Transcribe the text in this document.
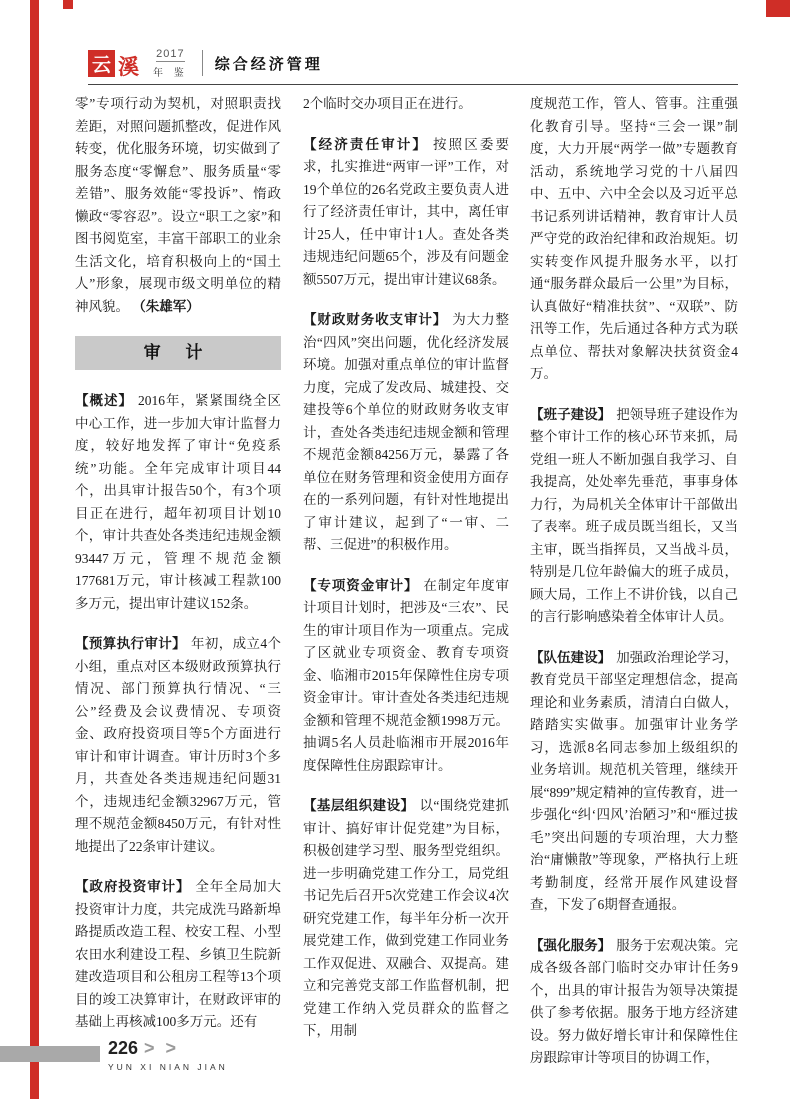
云 溪
2017
年 鉴
综合经济管理

零”专项行动为契机，对照职责找差距，对照问题抓整改，促进作风转变，优化服务环境，切实做到了服务态度“零懈怠”、服务质量“零差错”、服务效能“零投诉”、惰政懒政“零容忍”。设立“职工之家”和图书阅览室，丰富干部职工的业余生活文化，培育积极向上的“国土人”形象，展现市级文明单位的精神风貌。 （朱雄军）

审 计

【概述】 2016年，紧紧围绕全区中心工作，进一步加大审计监督力度，较好地发挥了审计“免疫系统”功能。全年完成审计项目44个，出具审计报告50个，有3个项目正在进行，超年初项目计划10个，审计共查处各类违纪违规金额93447万元，管理不规范金额177681万元，审计核减工程款100多万元，提出审计建议152条。

【预算执行审计】 年初，成立4个小组，重点对区本级财政预算执行情况、部门预算执行情况、“三公”经费及会议费情况、专项资金、政府投资项目等5个方面进行审计和审计调查。审计历时3个多月，共查处各类违规违纪问题31个，违规违纪金额32967万元，管理不规范金额8450万元，有针对性地提出了22条审计建议。

【政府投资审计】 全年全局加大投资审计力度，共完成洗马路新埠路提质改造工程、校安工程、小型农田水利建设工程、乡镇卫生院新建改造项目和公租房工程等13个项目的竣工决算审计，在财政评审的基础上再核减100多万元。还有

2个临时交办项目正在进行。

【经济责任审计】 按照区委要求，扎实推进“两审一评”工作，对19个单位的26名党政主要负责人进行了经济责任审计，其中，离任审计25人，任中审计1人。查处各类违规违纪问题65个，涉及有问题金额5507万元，提出审计建议68条。

【财政财务收支审计】 为大力整治“四风”突出问题，优化经济发展环境。加强对重点单位的审计监督力度，完成了发改局、城建投、交建投等6个单位的财政财务收支审计，查处各类违纪违规金额和管理不规范金额84256万元，暴露了各单位在财务管理和资金使用方面存在的一系列问题，有针对性地提出了审计建议，起到了“一审、二帮、三促进”的积极作用。

【专项资金审计】 在制定年度审计项目计划时，把涉及“三农”、民生的审计项目作为一项重点。完成了区就业专项资金、教育专项资金、临湘市2015年保障性住房专项资金审计。审计查处各类违纪违规金额和管理不规范金额1998万元。抽调5名人员赴临湘市开展2016年度保障性住房跟踪审计。

【基层组织建设】 以“围绕党建抓审计、搞好审计促党建”为目标，积极创建学习型、服务型党组织。进一步明确党建工作分工，局党组书记先后召开5次党建工作会议4次研究党建工作，每半年分析一次开展党建工作，做到党建工作同业务工作双促进、双融合、双提高。建立和完善党支部工作监督机制，把党建工作纳入党员群众的监督之下，用制

度规范工作，管人、管事。注重强化教育引导。坚持“三会一课”制度，大力开展“两学一做”专题教育活动，系统地学习党的十八届四中、五中、六中全会以及习近平总书记系列讲话精神，教育审计人员严守党的政治纪律和政治规矩。切实转变作风提升服务水平，以打通“服务群众最后一公里”为目标，认真做好“精准扶贫”、“双联”、防汛等工作，先后通过各种方式为联点单位、帮扶对象解决扶贫资金4万。

【班子建设】 把领导班子建设作为整个审计工作的核心环节来抓，局党组一班人不断加强自我学习、自我提高，处处率先垂范，事事身体力行，为局机关全体审计干部做出了表率。班子成员既当组长，又当主审，既当指挥员，又当战斗员，特别是几位年龄偏大的班子成员，顾大局，工作上不讲价钱，以自己的言行影响感染着全体审计人员。

【队伍建设】 加强政治理论学习，教育党员干部坚定理想信念，提高理论和业务素质，清清白白做人，踏踏实实做事。加强审计业务学习，选派8名同志参加上级组织的业务培训。规范机关管理，继续开展“899”规定精神的宣传教育，进一步强化“纠‘四风’治陋习”和“雁过拔毛”突出问题的专项治理，大力整治“庸懒散”等现象，严格执行上班考勤制度，经常开展作风建设督查，下发了6期督查通报。

【强化服务】 服务于宏观决策。完成各级各部门临时交办审计任务9个，出具的审计报告为领导决策提供了参考依据。服务于地方经济建设。努力做好增长审计和保障性住房跟踪审计等项目的协调工作，

226 > >
YUN XI NIAN JIAN
